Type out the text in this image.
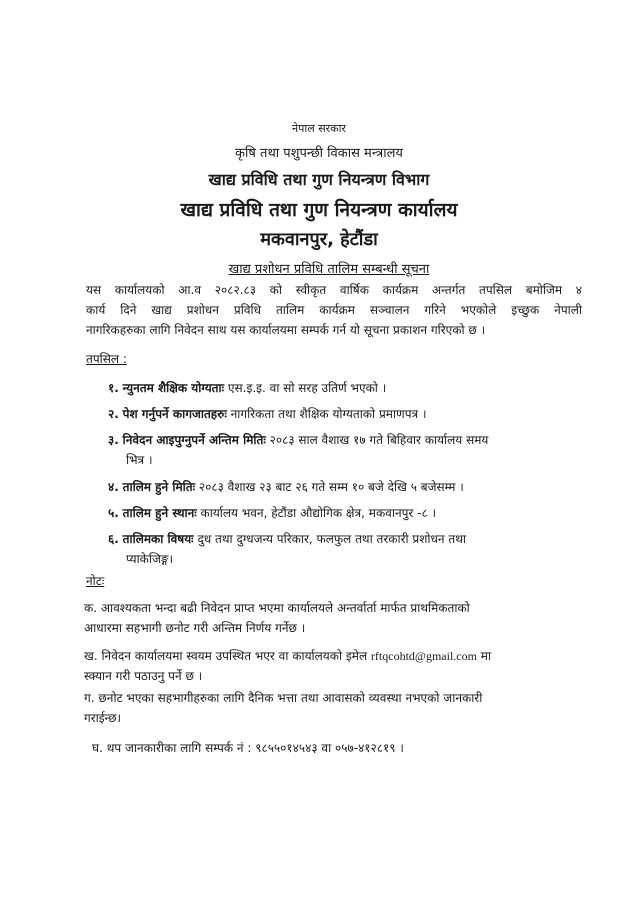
नेपाल सरकार
कृषि तथा पशुपन्छी विकास मन्त्रालय
खाद्य प्रविधि तथा गुण नियन्त्रण विभाग
खाद्य प्रविधि तथा गुण नियन्त्रण कार्यालय
मकवानपुर, हेटौंडा
खाद्य प्रशोधन प्रविधि तालिम सम्बन्धी सूचना
यस कार्यालयको आ.व २०८२.८३ को स्वीकृत वार्षिक कार्यक्रम अन्तर्गत तपसिल बमोजिम ४
कार्य दिने खाद्य प्रशोधन प्रविधि तालिम कार्यक्रम सञ्चालन गरिने भएकोले इच्छुक नेपाली
नागरिकहरुका लागि निवेदन साथ यस कार्यालयमा सम्पर्क गर्न यो सूचना प्रकाशन गरिएको छ ।
तपसिल :
१. न्युनतम शैक्षिक योग्यताः एस.इ.इ. वा सो सरह उतिर्ण भएको ।
२. पेश गर्नुपर्ने कागजातहरुः नागरिकता तथा शैक्षिक योग्यताको प्रमाणपत्र ।
३. निवेदन आइपुग्नुपर्ने अन्तिम मितिः २०८३ साल वैशाख १७ गते बिहिवार कार्यालय समय
भित्र ।
४. तालिम हुने मितिः २०८३ वैशाख २३ बाट २६ गते सम्म १० बजे देखि ५ बजेसम्म ।
५. तालिम हुने स्थानः कार्यालय भवन, हेटौंडा औद्योगिक क्षेत्र, मकवानपुर -८ ।
६. तालिमका विषयः दुध तथा दुग्धजन्य परिकार, फलफुल तथा तरकारी प्रशोधन तथा
प्याकेजिङ्ग।
नोटः
क. आवश्यकता भन्दा बढी निवेदन प्राप्त भएमा कार्यालयले अन्तर्वार्ता मार्फत प्राथमिकताको
आधारमा सहभागी छनोट गरी अन्तिम निर्णय गर्नेछ ।
ख. निवेदन कार्यालयमा स्वयम उपस्थित भएर वा कार्यालयको इमेल rftqcohtd@gmail.com मा
स्क्यान गरी पठाउनु पर्ने छ ।
ग. छनोट भएका सहभागीहरुका लागि दैनिक भत्ता तथा आवासको व्यवस्था नभएको जानकारी
गराईन्छ।
घ. थप जानकारीका लागि सम्पर्क नं : ९८५५०१४५४३ वा ०५७-४१२८१९ ।
